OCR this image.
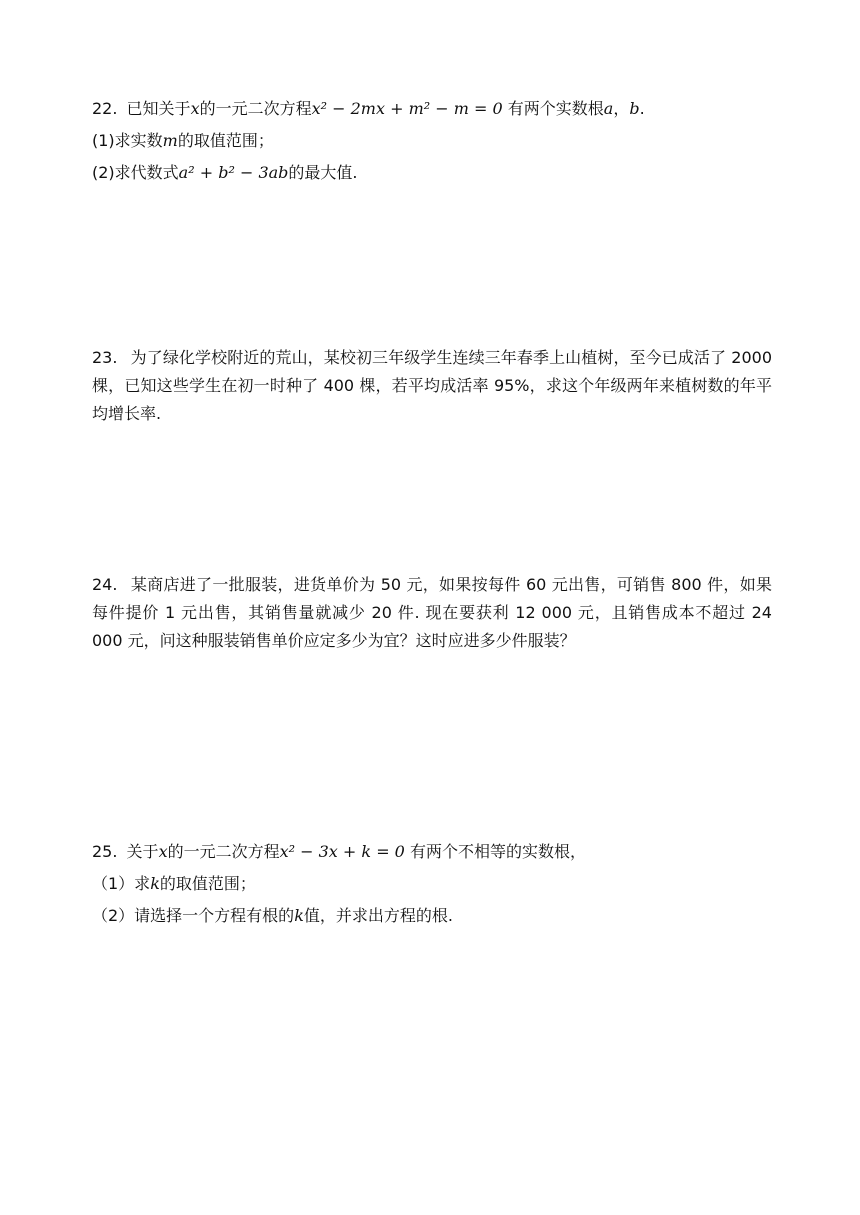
22. 已知关于x的一元二次方程x² − 2mx + m² − m = 0 有两个实数根a，b.
(1)求实数m的取值范围；
(2)求代数式a² + b² − 3ab的最大值.
23. 为了绿化学校附近的荒山，某校初三年级学生连续三年春季上山植树，至今已成活了 2000 棵，已知这些学生在初一时种了 400 棵，若平均成活率 95%，求这个年级两年来植树数的年平均增长率.
24. 某商店进了一批服装，进货单价为 50 元，如果按每件 60 元出售，可销售 800 件，如果每件提价 1 元出售，其销售量就减少 20 件. 现在要获利 12 000 元，且销售成本不超过 24 000 元，问这种服装销售单价应定多少为宜？这时应进多少件服装？
25. 关于x的一元二次方程x² − 3x + k = 0 有两个不相等的实数根，
（1）求k的取值范围；
（2）请选择一个方程有根的k值，并求出方程的根.
